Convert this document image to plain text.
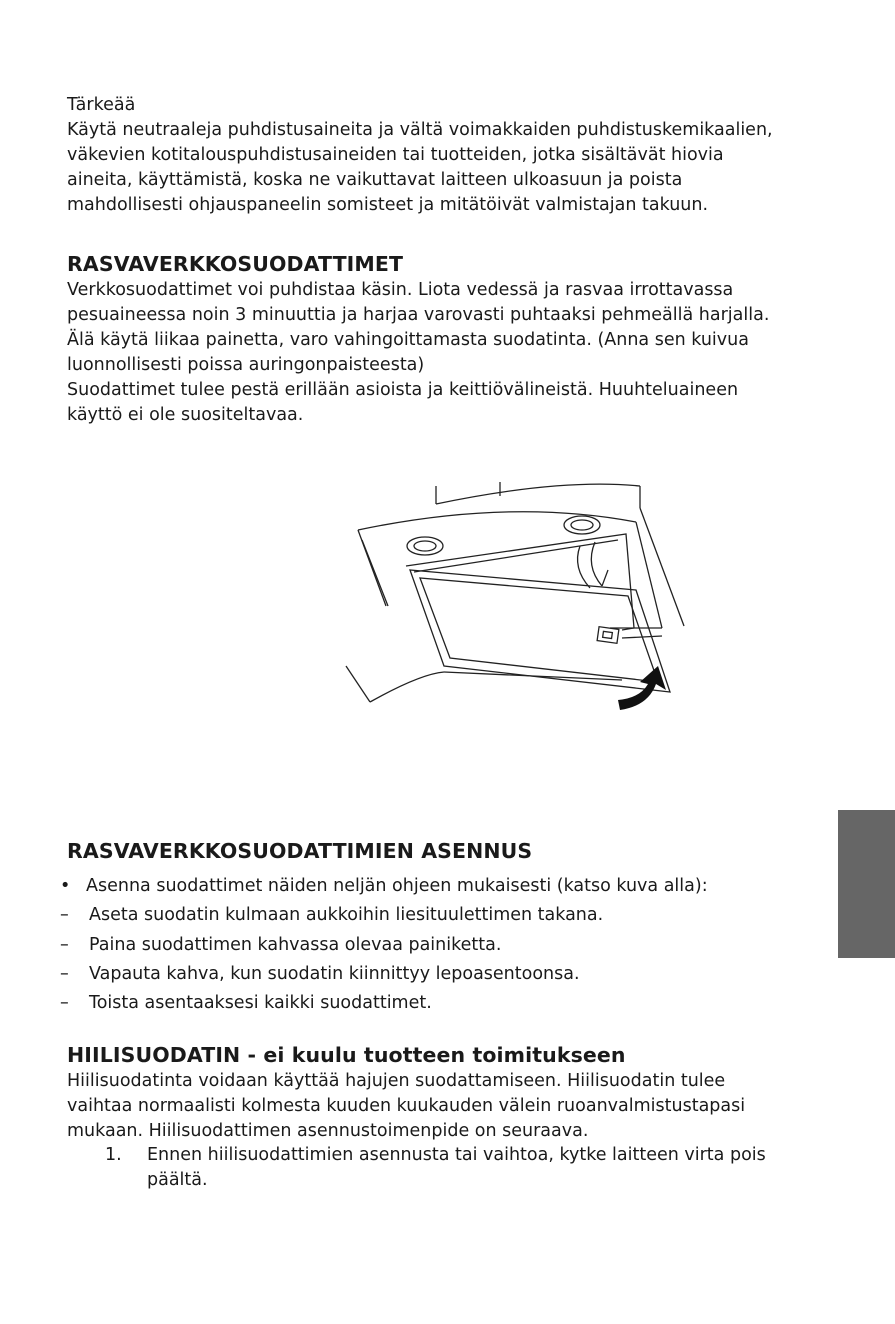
Tärkeää
Käytä neutraaleja puhdistusaineita ja vältä voimakkaiden puhdistuskemikaalien,
väkevien kotitalouspuhdistusaineiden tai tuotteiden, jotka sisältävät hiovia
aineita, käyttämistä, koska ne vaikuttavat laitteen ulkoasuun ja poista
mahdollisesti ohjauspaneelin somisteet ja mitätöivät valmistajan takuun.
RASVAVERKKOSUODATTIMET
Verkkosuodattimet voi puhdistaa käsin. Liota vedessä ja rasvaa irrottavassa
pesuaineessa noin 3 minuuttia ja harjaa varovasti puhtaaksi pehmeällä harjalla.
Älä käytä liikaa painetta, varo vahingoittamasta suodatinta. (Anna sen kuivua
luonnollisesti poissa auringonpaisteesta)
Suodattimet tulee pestä erillään asioista ja keittiövälineistä. Huuhteluaineen
käyttö ei ole suositeltavaa.
RASVAVERKKOSUODATTIMIEN ASENNUS
• Asenna suodattimet näiden neljän ohjeen mukaisesti (katso kuva alla):
– Aseta suodatin kulmaan aukkoihin liesituulettimen takana.
– Paina suodattimen kahvassa olevaa painiketta.
– Vapauta kahva, kun suodatin kiinnittyy lepoasentoonsa.
– Toista asentaaksesi kaikki suodattimet.
HIILISUODATIN - ei kuulu tuotteen toimitukseen
Hiilisuodatinta voidaan käyttää hajujen suodattamiseen. Hiilisuodatin tulee
vaihtaa normaalisti kolmesta kuuden kuukauden välein ruoanvalmistustapasi
mukaan. Hiilisuodattimen asennustoimenpide on seuraava.
1. Ennen hiilisuodattimien asennusta tai vaihtoa, kytke laitteen virta pois
päältä.
